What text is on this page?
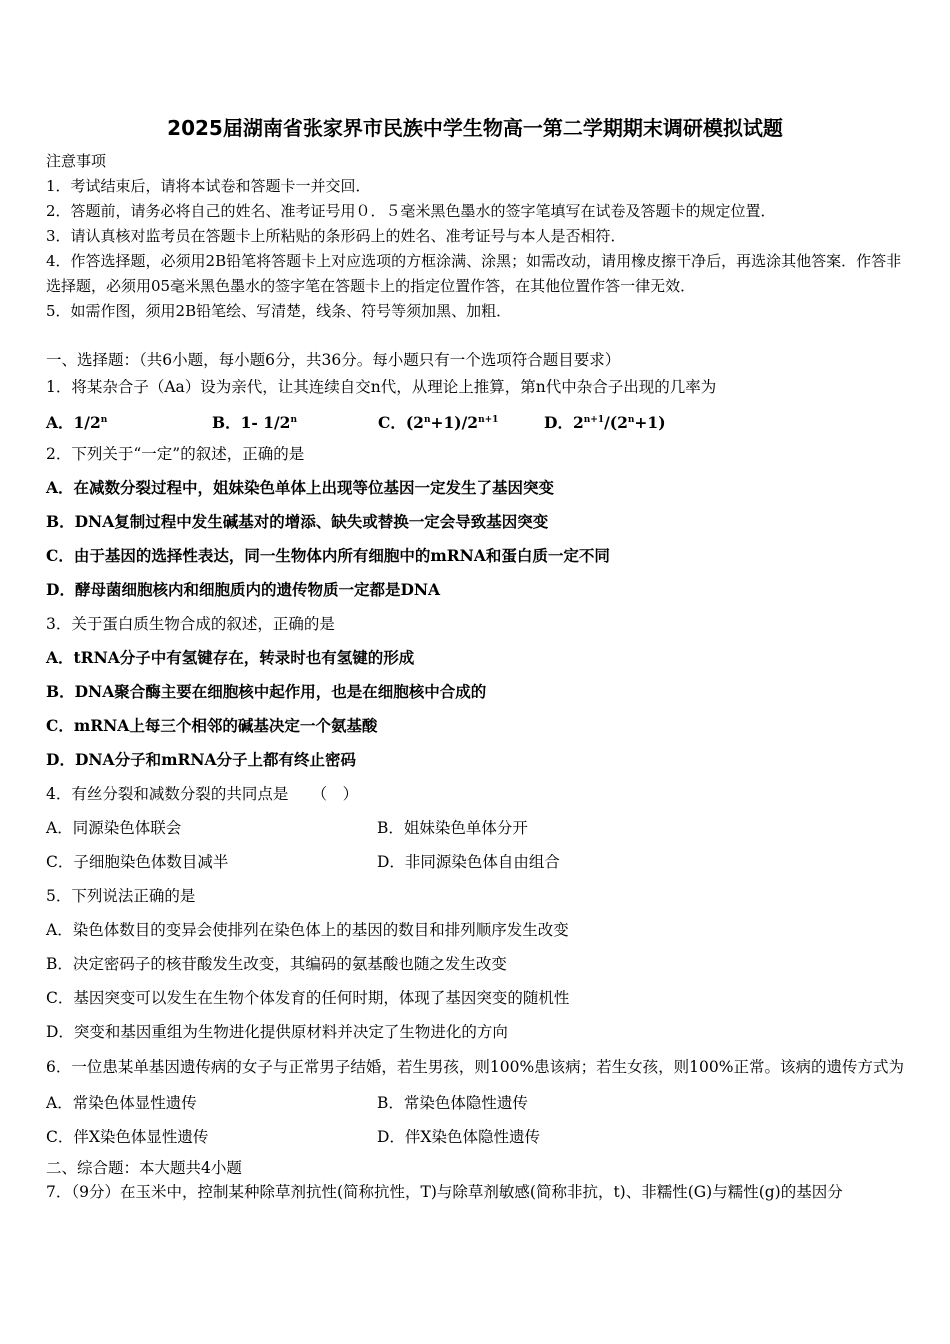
2025届湖南省张家界市民族中学生物高一第二学期期末调研模拟试题
注意事项
1．考试结束后，请将本试卷和答题卡一并交回．
2．答题前，请务必将自己的姓名、准考证号用０．５毫米黑色墨水的签字笔填写在试卷及答题卡的规定位置．
3．请认真核对监考员在答题卡上所粘贴的条形码上的姓名、准考证号与本人是否相符．
4．作答选择题，必须用2B铅笔将答题卡上对应选项的方框涂满、涂黑；如需改动，请用橡皮擦干净后，再选涂其他答案．作答非选择题，必须用05毫米黑色墨水的签字笔在答题卡上的指定位置作答，在其他位置作答一律无效．
5．如需作图，须用2B铅笔绘、写清楚，线条、符号等须加黑、加粗．
一、选择题：（共6小题，每小题6分，共36分。每小题只有一个选项符合题目要求）
1．将某杂合子（Aa）设为亲代，让其连续自交n代，从理论上推算，第n代中杂合子出现的几率为
A．1/2$^n$	B．1- 1/2$^n$	C．$(2^n+1)/2^{n+1}$	D．$2^{n+1}/(2^n+1)$
2．下列关于“一定”的叙述，正确的是
A．在减数分裂过程中，姐妹染色单体上出现等位基因一定发生了基因突变
B．DNA复制过程中发生碱基对的增添、缺失或替换一定会导致基因突变
C．由于基因的选择性表达，同一生物体内所有细胞中的mRNA和蛋白质一定不同
D．酵母菌细胞核内和细胞质内的遗传物质一定都是DNA
3．关于蛋白质生物合成的叙述，正确的是
A．tRNA分子中有氢键存在，转录时也有氢键的形成
B．DNA聚合酶主要在细胞核中起作用，也是在细胞核中合成的
C．mRNA上每三个相邻的碱基决定一个氨基酸
D．DNA分子和mRNA分子上都有终止密码
4．有丝分裂和减数分裂的共同点是　　（　）
A．同源染色体联会	B．姐妹染色单体分开
C．子细胞染色体数目减半	D．非同源染色体自由组合
5．下列说法正确的是
A．染色体数目的变异会使排列在染色体上的基因的数目和排列顺序发生改变
B．决定密码子的核苷酸发生改变，其编码的氨基酸也随之发生改变
C．基因突变可以发生在生物个体发育的任何时期，体现了基因突变的随机性
D．突变和基因重组为生物进化提供原材料并决定了生物进化的方向
6．一位患某单基因遗传病的女子与正常男子结婚，若生男孩，则100%患该病；若生女孩，则100%正常。该病的遗传方式为
A．常染色体显性遗传	B．常染色体隐性遗传
C．伴X染色体显性遗传	D．伴X染色体隐性遗传
二、综合题：本大题共4小题
7．（9分）在玉米中，控制某种除草剂抗性(简称抗性，T)与除草剂敏感(简称非抗，t)、非糯性(G)与糯性(g)的基因分
